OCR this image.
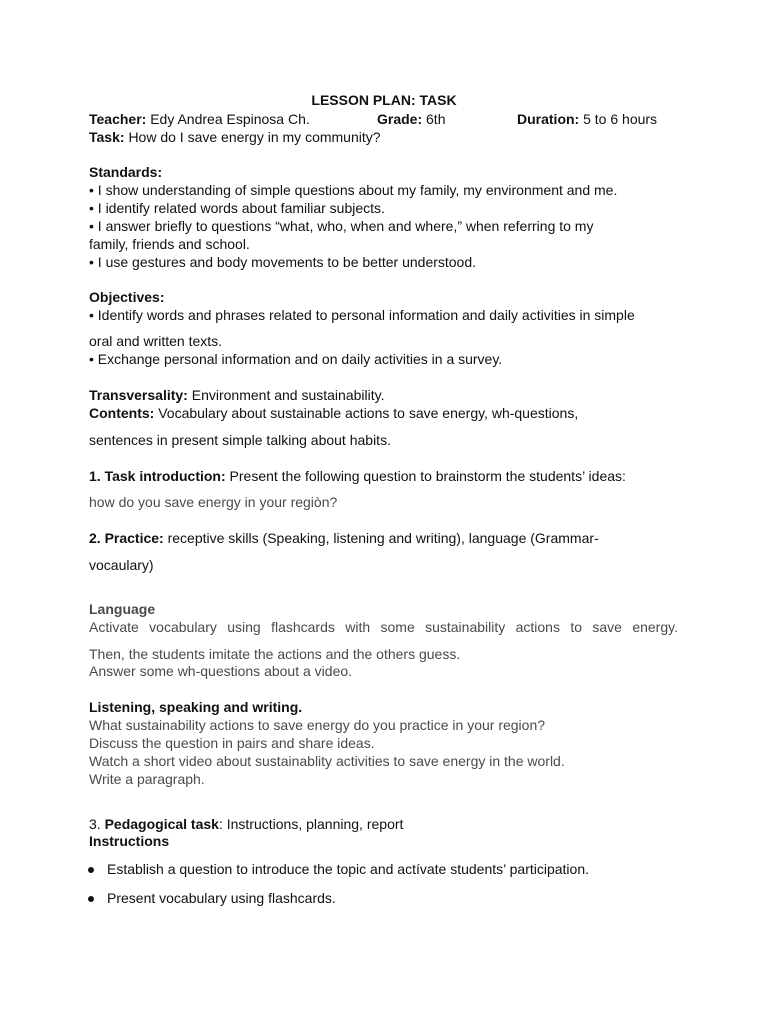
LESSON PLAN: TASK
Teacher: Edy Andrea Espinosa Ch.	Grade: 6th	Duration: 5 to 6 hours
Task: How do I save energy in my community?
Standards:
• I show understanding of simple questions about my family, my environment and me.
• I identify related words about familiar subjects.
• I answer briefly to questions “what, who, when and where,” when referring to my
family, friends and school.
• I use gestures and body movements to be better understood.
Objectives:
• Identify words and phrases related to personal information and daily activities in simple
oral and written texts.
• Exchange personal information and on daily activities in a survey.
Transversality: Environment and sustainability.
Contents: Vocabulary about sustainable actions to save energy, wh-questions,
sentences in present simple talking about habits.
1. Task introduction: Present the following question to brainstorm the students’ ideas:
how do you save energy in your regiòn?
2. Practice: receptive skills (Speaking, listening and writing), language (Grammar-
vocaulary)
Language
Activate vocabulary using flashcards with some sustainability actions to save energy.
Then, the students imitate the actions and the others guess.
Answer some wh-questions about a video.
Listening, speaking and writing.
What sustainability actions to save energy do you practice in your region?
Discuss the question in pairs and share ideas.
Watch a short video about sustainablity activities to save energy in the world.
Write a paragraph.
3. Pedagogical task: Instructions, planning, report
Instructions
Establish a question to introduce the topic and actívate students’ participation.
Present vocabulary using flashcards.
